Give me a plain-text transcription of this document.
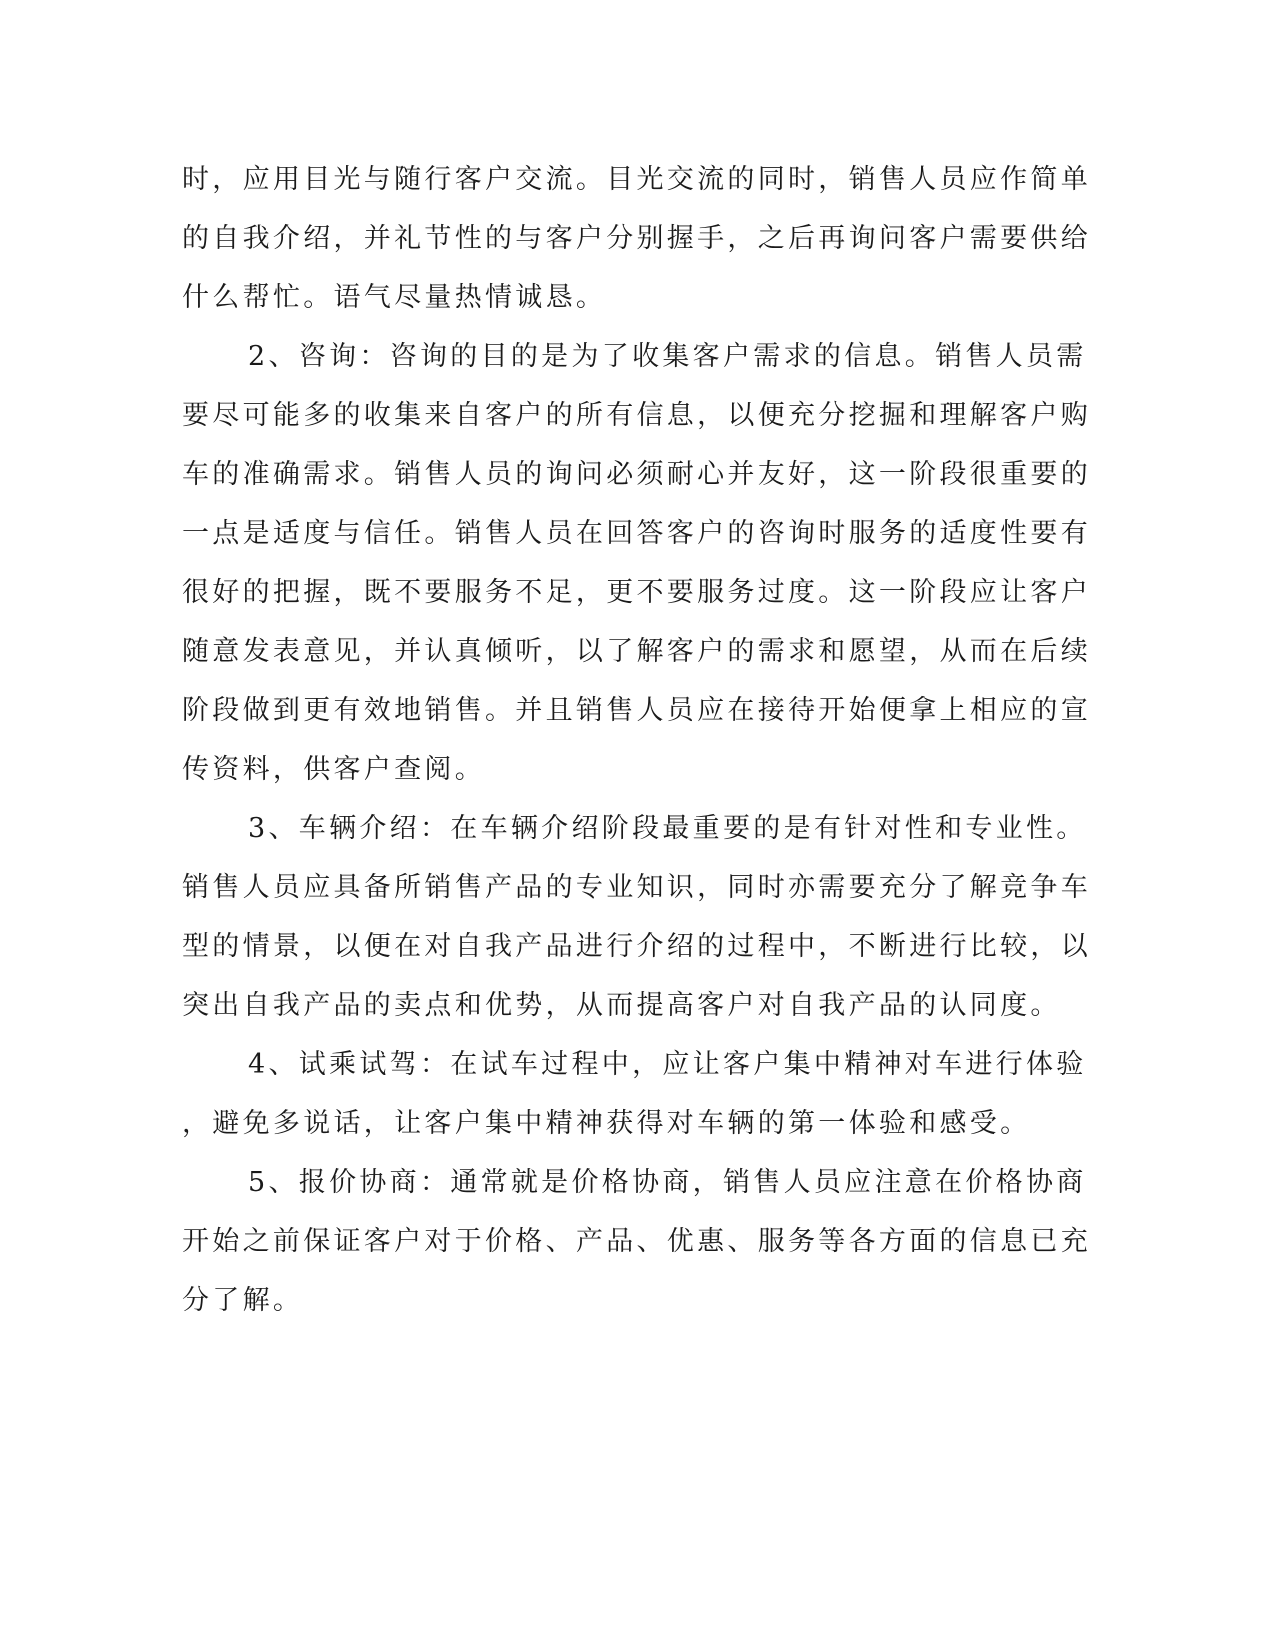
时，应用目光与随行客户交流。目光交流的同时，销售人员应作简单
的自我介绍，并礼节性的与客户分别握手，之后再询问客户需要供给
什么帮忙。语气尽量热情诚恳。
2、咨询：咨询的目的是为了收集客户需求的信息。销售人员需
要尽可能多的收集来自客户的所有信息，以便充分挖掘和理解客户购
车的准确需求。销售人员的询问必须耐心并友好，这一阶段很重要的
一点是适度与信任。销售人员在回答客户的咨询时服务的适度性要有
很好的把握，既不要服务不足，更不要服务过度。这一阶段应让客户
随意发表意见，并认真倾听，以了解客户的需求和愿望，从而在后续
阶段做到更有效地销售。并且销售人员应在接待开始便拿上相应的宣
传资料，供客户查阅。
3、车辆介绍：在车辆介绍阶段最重要的是有针对性和专业性。
销售人员应具备所销售产品的专业知识，同时亦需要充分了解竞争车
型的情景，以便在对自我产品进行介绍的过程中，不断进行比较，以
突出自我产品的卖点和优势，从而提高客户对自我产品的认同度。
4、试乘试驾：在试车过程中，应让客户集中精神对车进行体验
，避免多说话，让客户集中精神获得对车辆的第一体验和感受。
5、报价协商：通常就是价格协商，销售人员应注意在价格协商
开始之前保证客户对于价格、产品、优惠、服务等各方面的信息已充
分了解。
